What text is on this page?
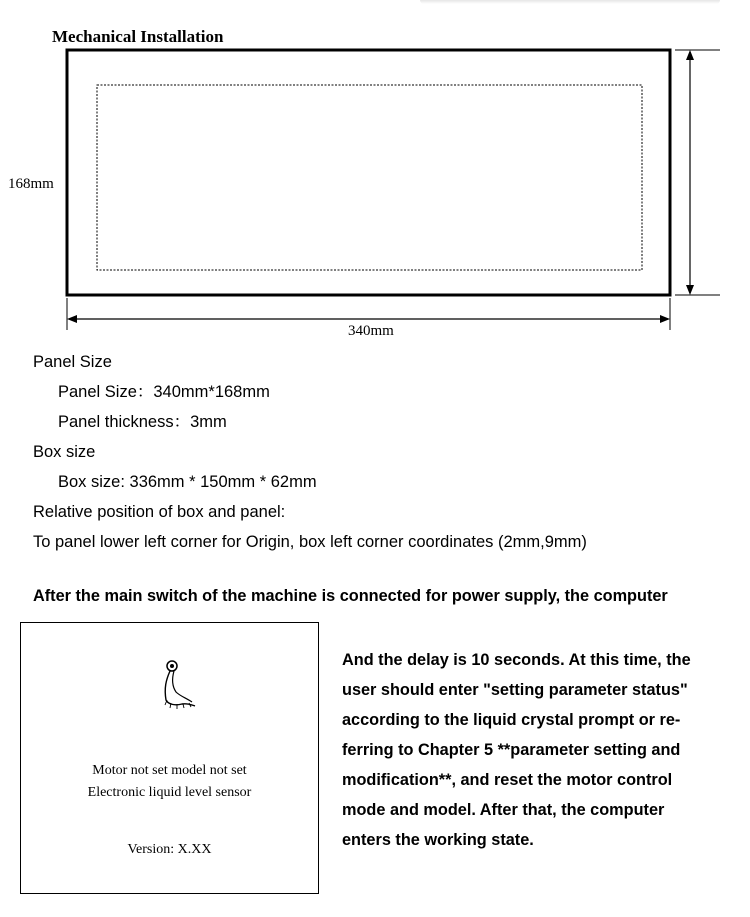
Mechanical Installation
168mm
340mm
Panel Size
Panel Size：340mm*168mm
Panel thickness：3mm
Box size
Box size: 336mm * 150mm * 62mm
Relative position of box and panel:
To panel lower left corner for Origin, box left corner coordinates (2mm,9mm)
After the main switch of the machine is connected for power supply, the computer
Motor not set model not set
Electronic liquid level sensor
Version: X.XX
And the delay is 10 seconds. At this time, the
user should enter "setting parameter status"
according to the liquid crystal prompt or re-
ferring to Chapter 5 **parameter setting and
modification**, and reset the motor control
mode and model. After that, the computer
enters the working state.
